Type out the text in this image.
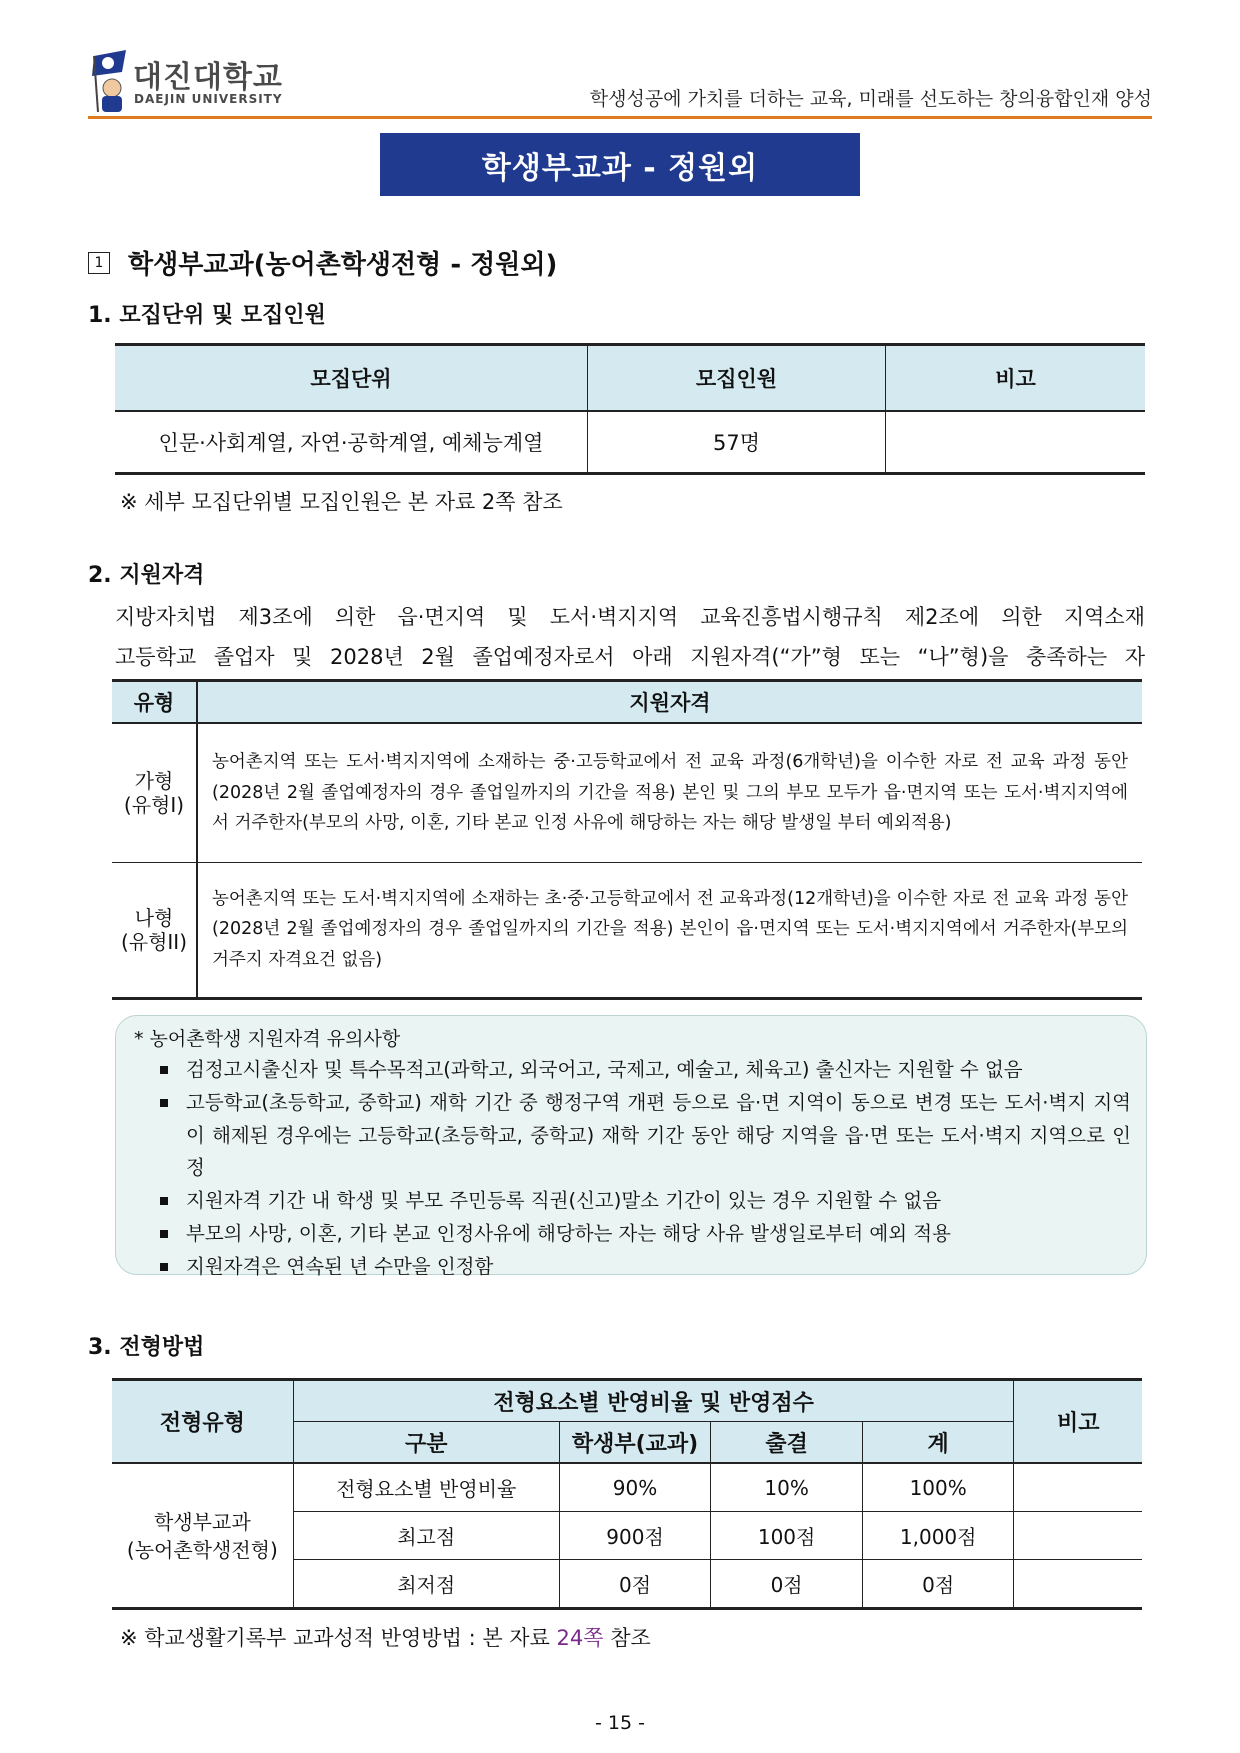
대진대학교
DAEJIN UNIVERSITY	학생성공에 가치를 더하는 교육, 미래를 선도하는 창의융합인재 양성
학생부교과 - 정원외
1 학생부교과(농어촌학생전형 - 정원외)
1. 모집단위 및 모집인원
모집단위	모집인원	비고
인문·사회계열, 자연·공학계열, 예체능계열	57명	
※ 세부 모집단위별 모집인원은 본 자료 2쪽 참조
2. 지원자격
지방자치법 제3조에 의한 읍·면지역 및 도서·벽지지역 교육진흥법시행규칙 제2조에 의한 지역소재
고등학교 졸업자 및 2028년 2월 졸업예정자로서 아래 지원자격(“가”형 또는 “나”형)을 충족하는 자
유형	지원자격

가형
(유형I)	농어촌지역 또는 도서·벽지지역에 소재하는 중·고등학교에서 전 교육 과정(6개학년)을 이수한 자로 전 교육 과정 동안(2028년 2월 졸업예정자의 경우 졸업일까지의 기간을 적용) 본인 및 그의 부모 모두가 읍·면지역 또는 도서·벽지지역에서 거주한자(부모의 사망, 이혼, 기타 본교 인정 사유에 해당하는 자는 해당 발생일 부터 예외적용)

나형
(유형II)	농어촌지역 또는 도서·벽지지역에 소재하는 초·중·고등학교에서 전 교육과정(12개학년)을 이수한 자로 전 교육 과정 동안(2028년 2월 졸업예정자의 경우 졸업일까지의 기간을 적용) 본인이 읍·면지역 또는 도서·벽지지역에서 거주한자(부모의 거주지 자격요건 없음)
* 농어촌학생 지원자격 유의사항
검정고시출신자 및 특수목적고(과학고, 외국어고, 국제고, 예술고, 체육고) 출신자는 지원할 수 없음
고등학교(초등학교, 중학교) 재학 기간 중 행정구역 개편 등으로 읍·면 지역이 동으로 변경 또는 도서·벽지 지역이 해제된 경우에는 고등학교(초등학교, 중학교) 재학 기간 동안 해당 지역을 읍·면 또는 도서·벽지 지역으로 인정
지원자격 기간 내 학생 및 부모 주민등록 직권(신고)말소 기간이 있는 경우 지원할 수 없음
부모의 사망, 이혼, 기타 본교 인정사유에 해당하는 자는 해당 사유 발생일로부터 예외 적용
지원자격은 연속된 년 수만을 인정함
3. 전형방법
전형유형	전형요소별 반영비율 및 반영점수				비고
	구분	학생부(교과)	출결	계	

학생부교과
(농어촌학생전형)	전형요소별 반영비율	90%	10%	100%	
	최고점	900점	100점	1,000점	
	최저점	0점	0점	0점	
※ 학교생활기록부 교과성적 반영방법 : 본 자료 24쪽 참조
- 15 -
